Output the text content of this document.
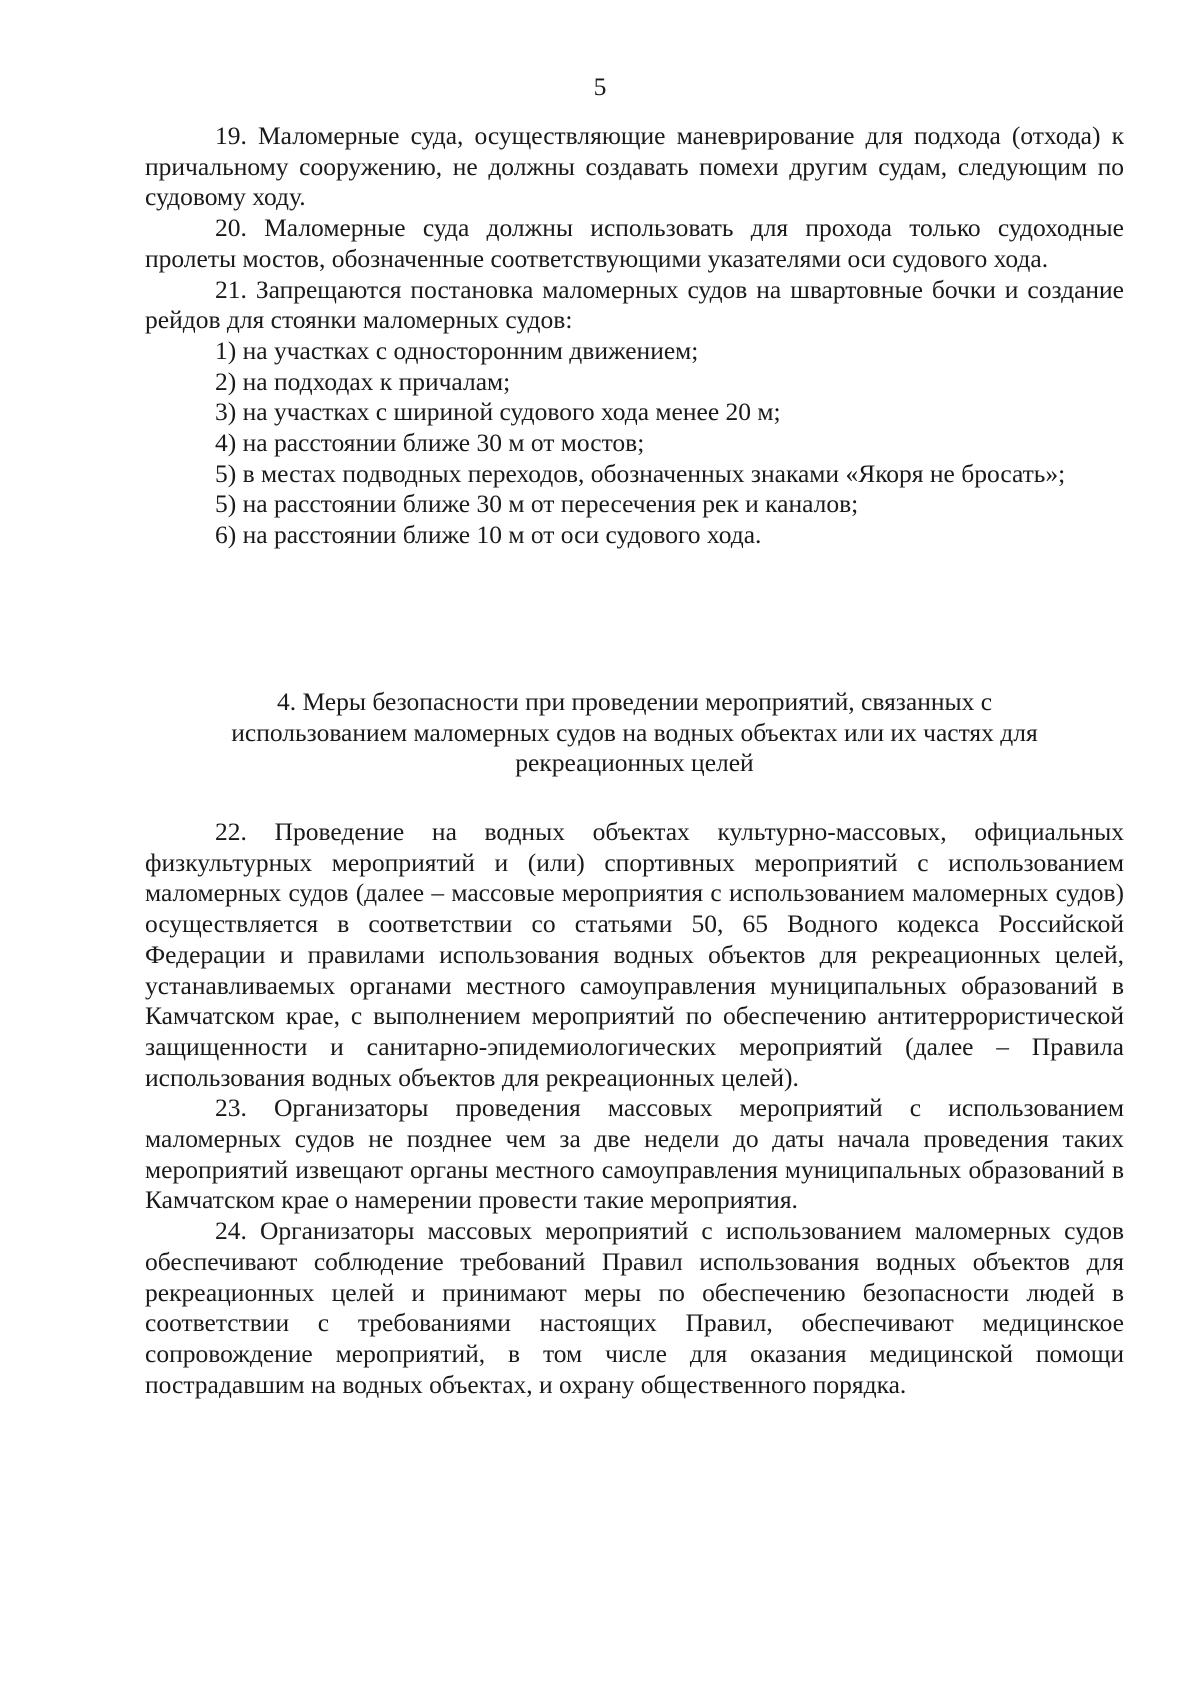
5

19. Маломерные суда, осуществляющие маневрирование для подхода (отхода) к причальному сооружению, не должны создавать помехи другим судам, следующим по судовому ходу.

20. Маломерные суда должны использовать для прохода только судоходные пролеты мостов, обозначенные соответствующими указателями оси судового хода.

21. Запрещаются постановка маломерных судов на швартовные бочки и создание рейдов для стоянки маломерных судов:

1) на участках с односторонним движением;

2) на подходах к причалам;

3) на участках с шириной судового хода менее 20 м;

4) на расстоянии ближе 30 м от мостов;

5) в местах подводных переходов, обозначенных знаками «Якоря не бросать»;

5) на расстоянии ближе 30 м от пересечения рек и каналов;

6) на расстоянии ближе 10 м от оси судового хода.

4. Меры безопасности при проведении мероприятий, связанных с
использованием маломерных судов на водных объектах или их частях для
рекреационных целей

22. Проведение на водных объектах культурно-массовых, официальных физкультурных мероприятий и (или) спортивных мероприятий с использованием маломерных судов (далее – массовые мероприятия с использованием маломерных судов) осуществляется в соответствии со статьями 50, 65 Водного кодекса Российской Федерации и правилами использования водных объектов для рекреационных целей, устанавливаемых органами местного самоуправления муниципальных образований в Камчатском крае, с выполнением мероприятий по обеспечению антитеррористической защищенности и санитарно-эпидемиологических мероприятий (далее – Правила использования водных объектов для рекреационных целей).

23. Организаторы проведения массовых мероприятий с использованием маломерных судов не позднее чем за две недели до даты начала проведения таких мероприятий извещают органы местного самоуправления муниципальных образований в Камчатском крае о намерении провести такие мероприятия.

24. Организаторы массовых мероприятий с использованием маломерных судов обеспечивают соблюдение требований Правил использования водных объектов для рекреационных целей и принимают меры по обеспечению безопасности людей в соответствии с требованиями настоящих Правил, обеспечивают медицинское сопровождение мероприятий, в том числе для оказания медицинской помощи пострадавшим на водных объектах, и охрану общественного порядка.
